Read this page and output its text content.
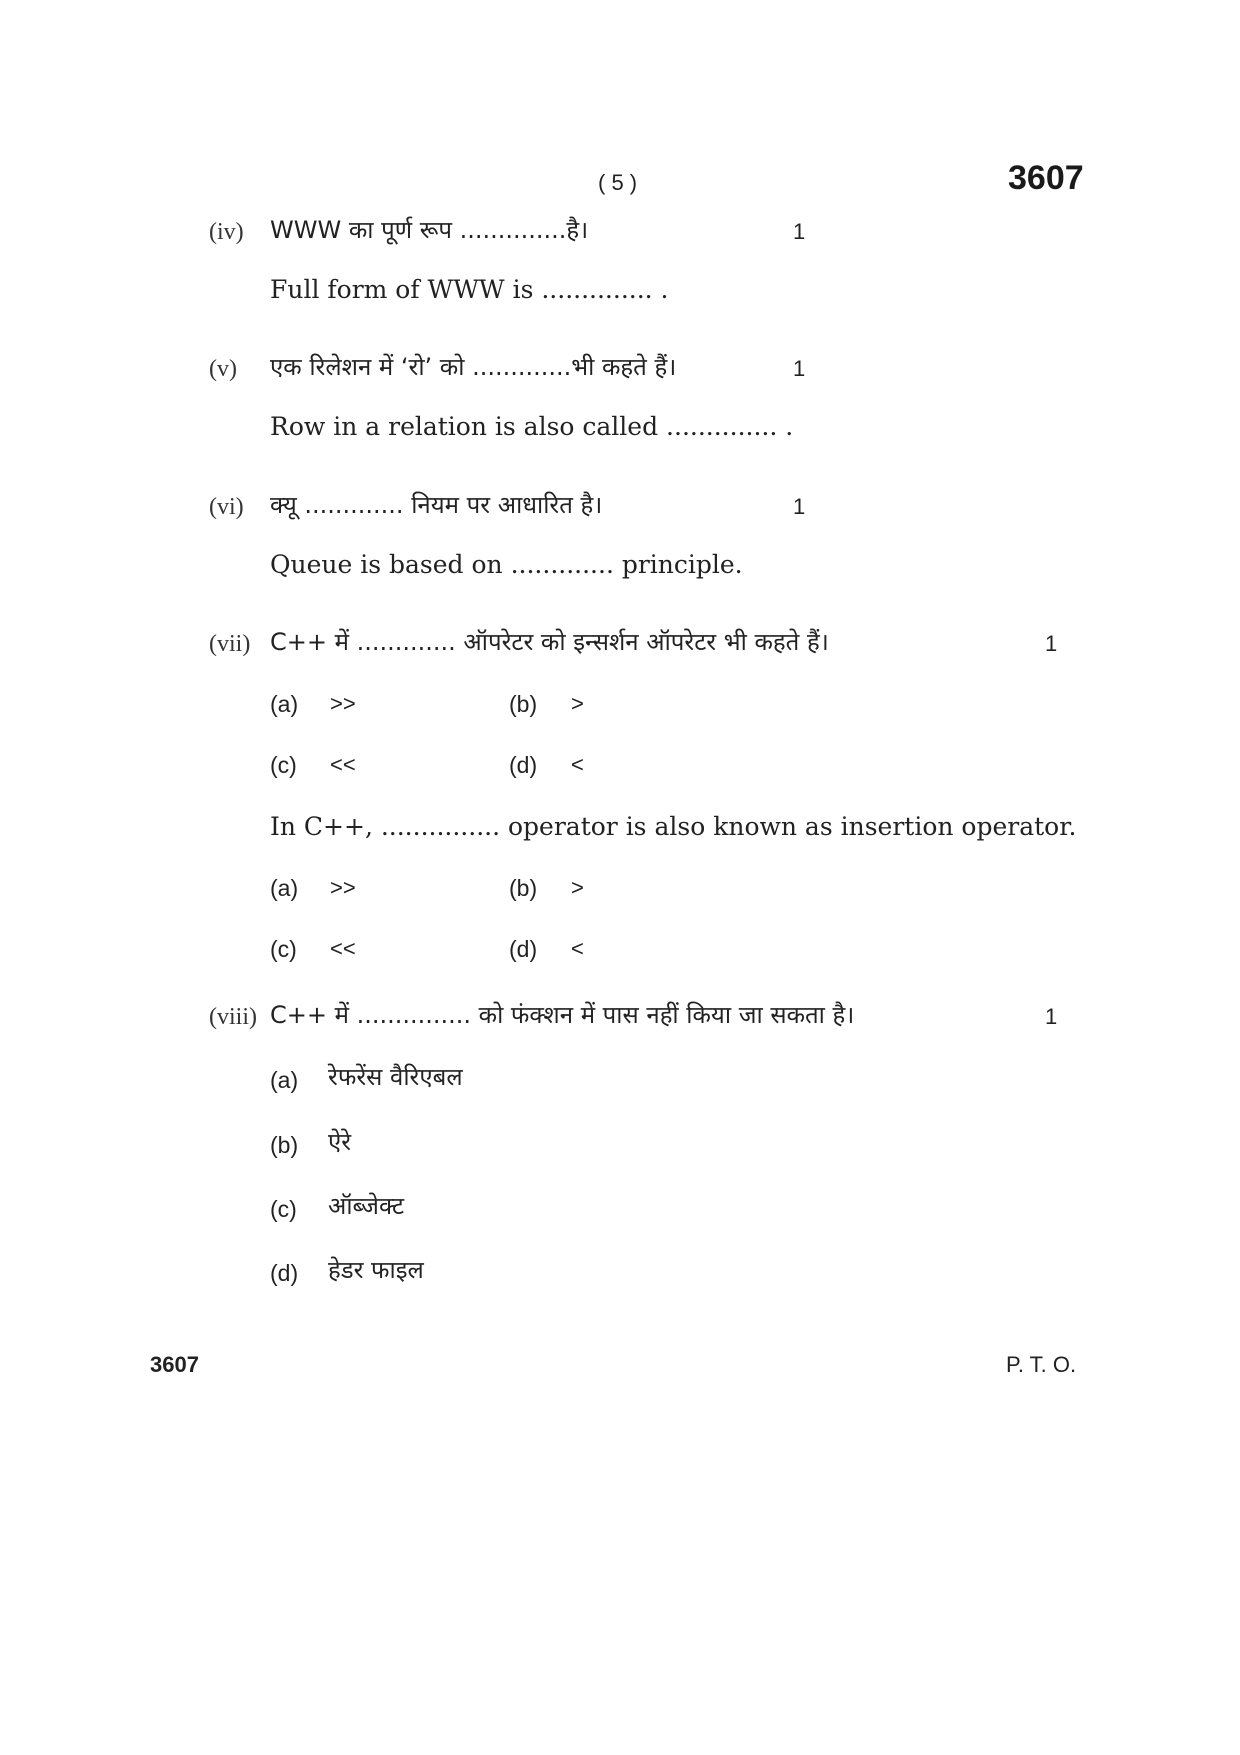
( 5 )	3607
(iv) WWW का पूर्ण रूप ..............है।	1
Full form of WWW is .............. .
(v) एक रिलेशन में ‘रो’ को .............भी कहते हैं।	1
Row in a relation is also called .............. .
(vi) क्यू ............. नियम पर आधारित है।	1
Queue is based on ............. principle.
(vii) C++ में ............. ऑपरेटर को इन्सर्शन ऑपरेटर भी कहते हैं।	1
(a) >>	(b) >
(c) <<	(d) <
In C++, ............... operator is also known as insertion operator.
(a) >>	(b) >
(c) <<	(d) <
(viii) C++ में ............... को फंक्शन में पास नहीं किया जा सकता है।	1
(a) रेफरेंस वैरिएबल
(b) ऐरे
(c) ऑब्जेक्ट
(d) हेडर फाइल
3607	P. T. O.
